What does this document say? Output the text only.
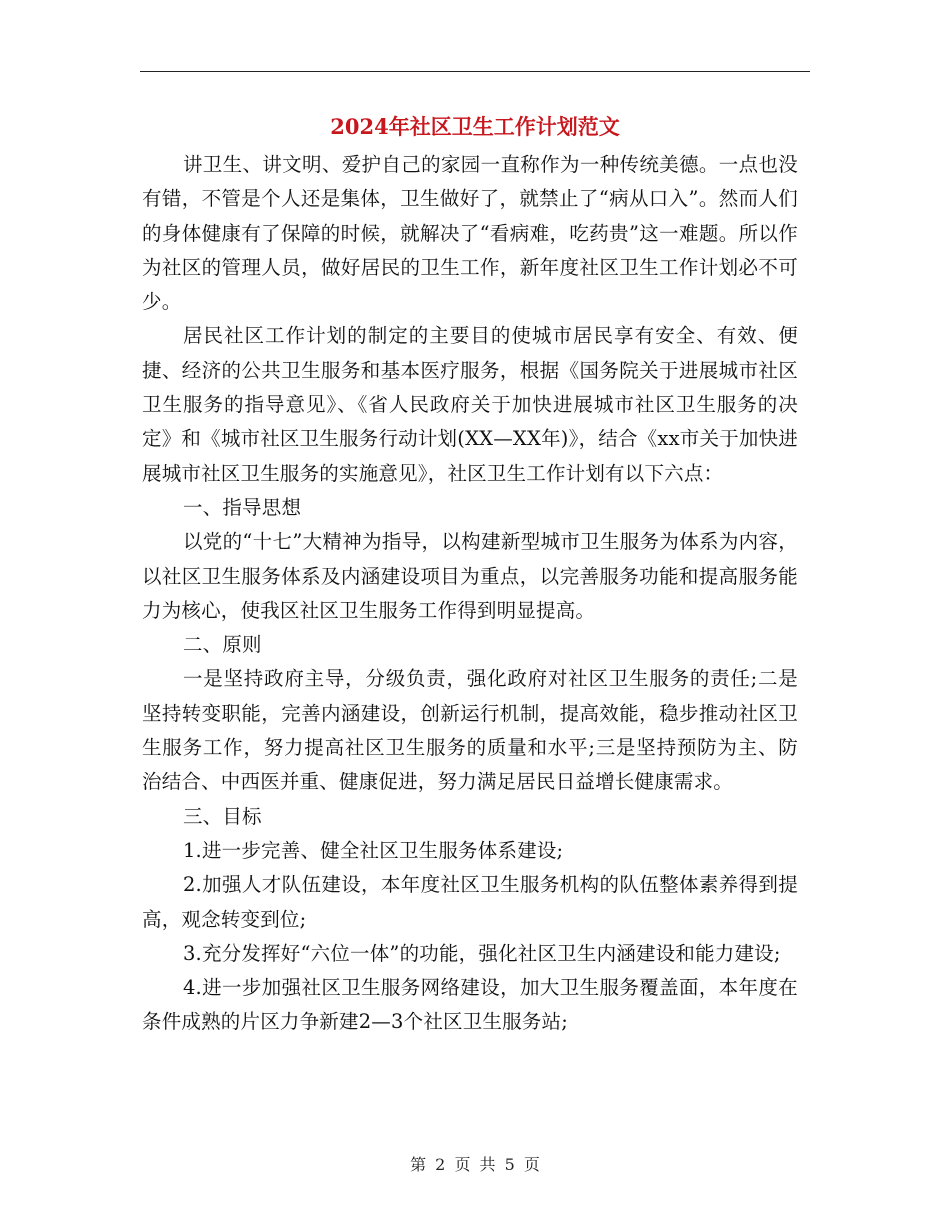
2024年社区卫生工作计划范文

讲卫生、讲文明、爱护自己的家园一直称作为一种传统美德。一点也没有错，不管是个人还是集体，卫生做好了，就禁止了“病从口入”。然而人们的身体健康有了保障的时候，就解决了“看病难，吃药贵”这一难题。所以作为社区的管理人员，做好居民的卫生工作，新年度社区卫生工作计划必不可少。

居民社区工作计划的制定的主要目的使城市居民享有安全、有效、便捷、经济的公共卫生服务和基本医疗服务，根据《国务院关于进展城市社区卫生服务的指导意见》、《省人民政府关于加快进展城市社区卫生服务的决定》和《城市社区卫生服务行动计划(XX—XX年)》，结合《xx市关于加快进展城市社区卫生服务的实施意见》，社区卫生工作计划有以下六点：

一、指导思想

以党的“十七”大精神为指导，以构建新型城市卫生服务为体系为内容，以社区卫生服务体系及内涵建设项目为重点，以完善服务功能和提高服务能力为核心，使我区社区卫生服务工作得到明显提高。

二、原则

一是坚持政府主导，分级负责，强化政府对社区卫生服务的责任;二是坚持转变职能，完善内涵建设，创新运行机制，提高效能，稳步推动社区卫生服务工作，努力提高社区卫生服务的质量和水平;三是坚持预防为主、防治结合、中西医并重、健康促进，努力满足居民日益增长健康需求。

三、目标

1.进一步完善、健全社区卫生服务体系建设;

2.加强人才队伍建设，本年度社区卫生服务机构的队伍整体素养得到提高，观念转变到位;

3.充分发挥好“六位一体”的功能，强化社区卫生内涵建设和能力建设;

4.进一步加强社区卫生服务网络建设，加大卫生服务覆盖面，本年度在条件成熟的片区力争新建2—3个社区卫生服务站;

第 2 页 共 5 页
